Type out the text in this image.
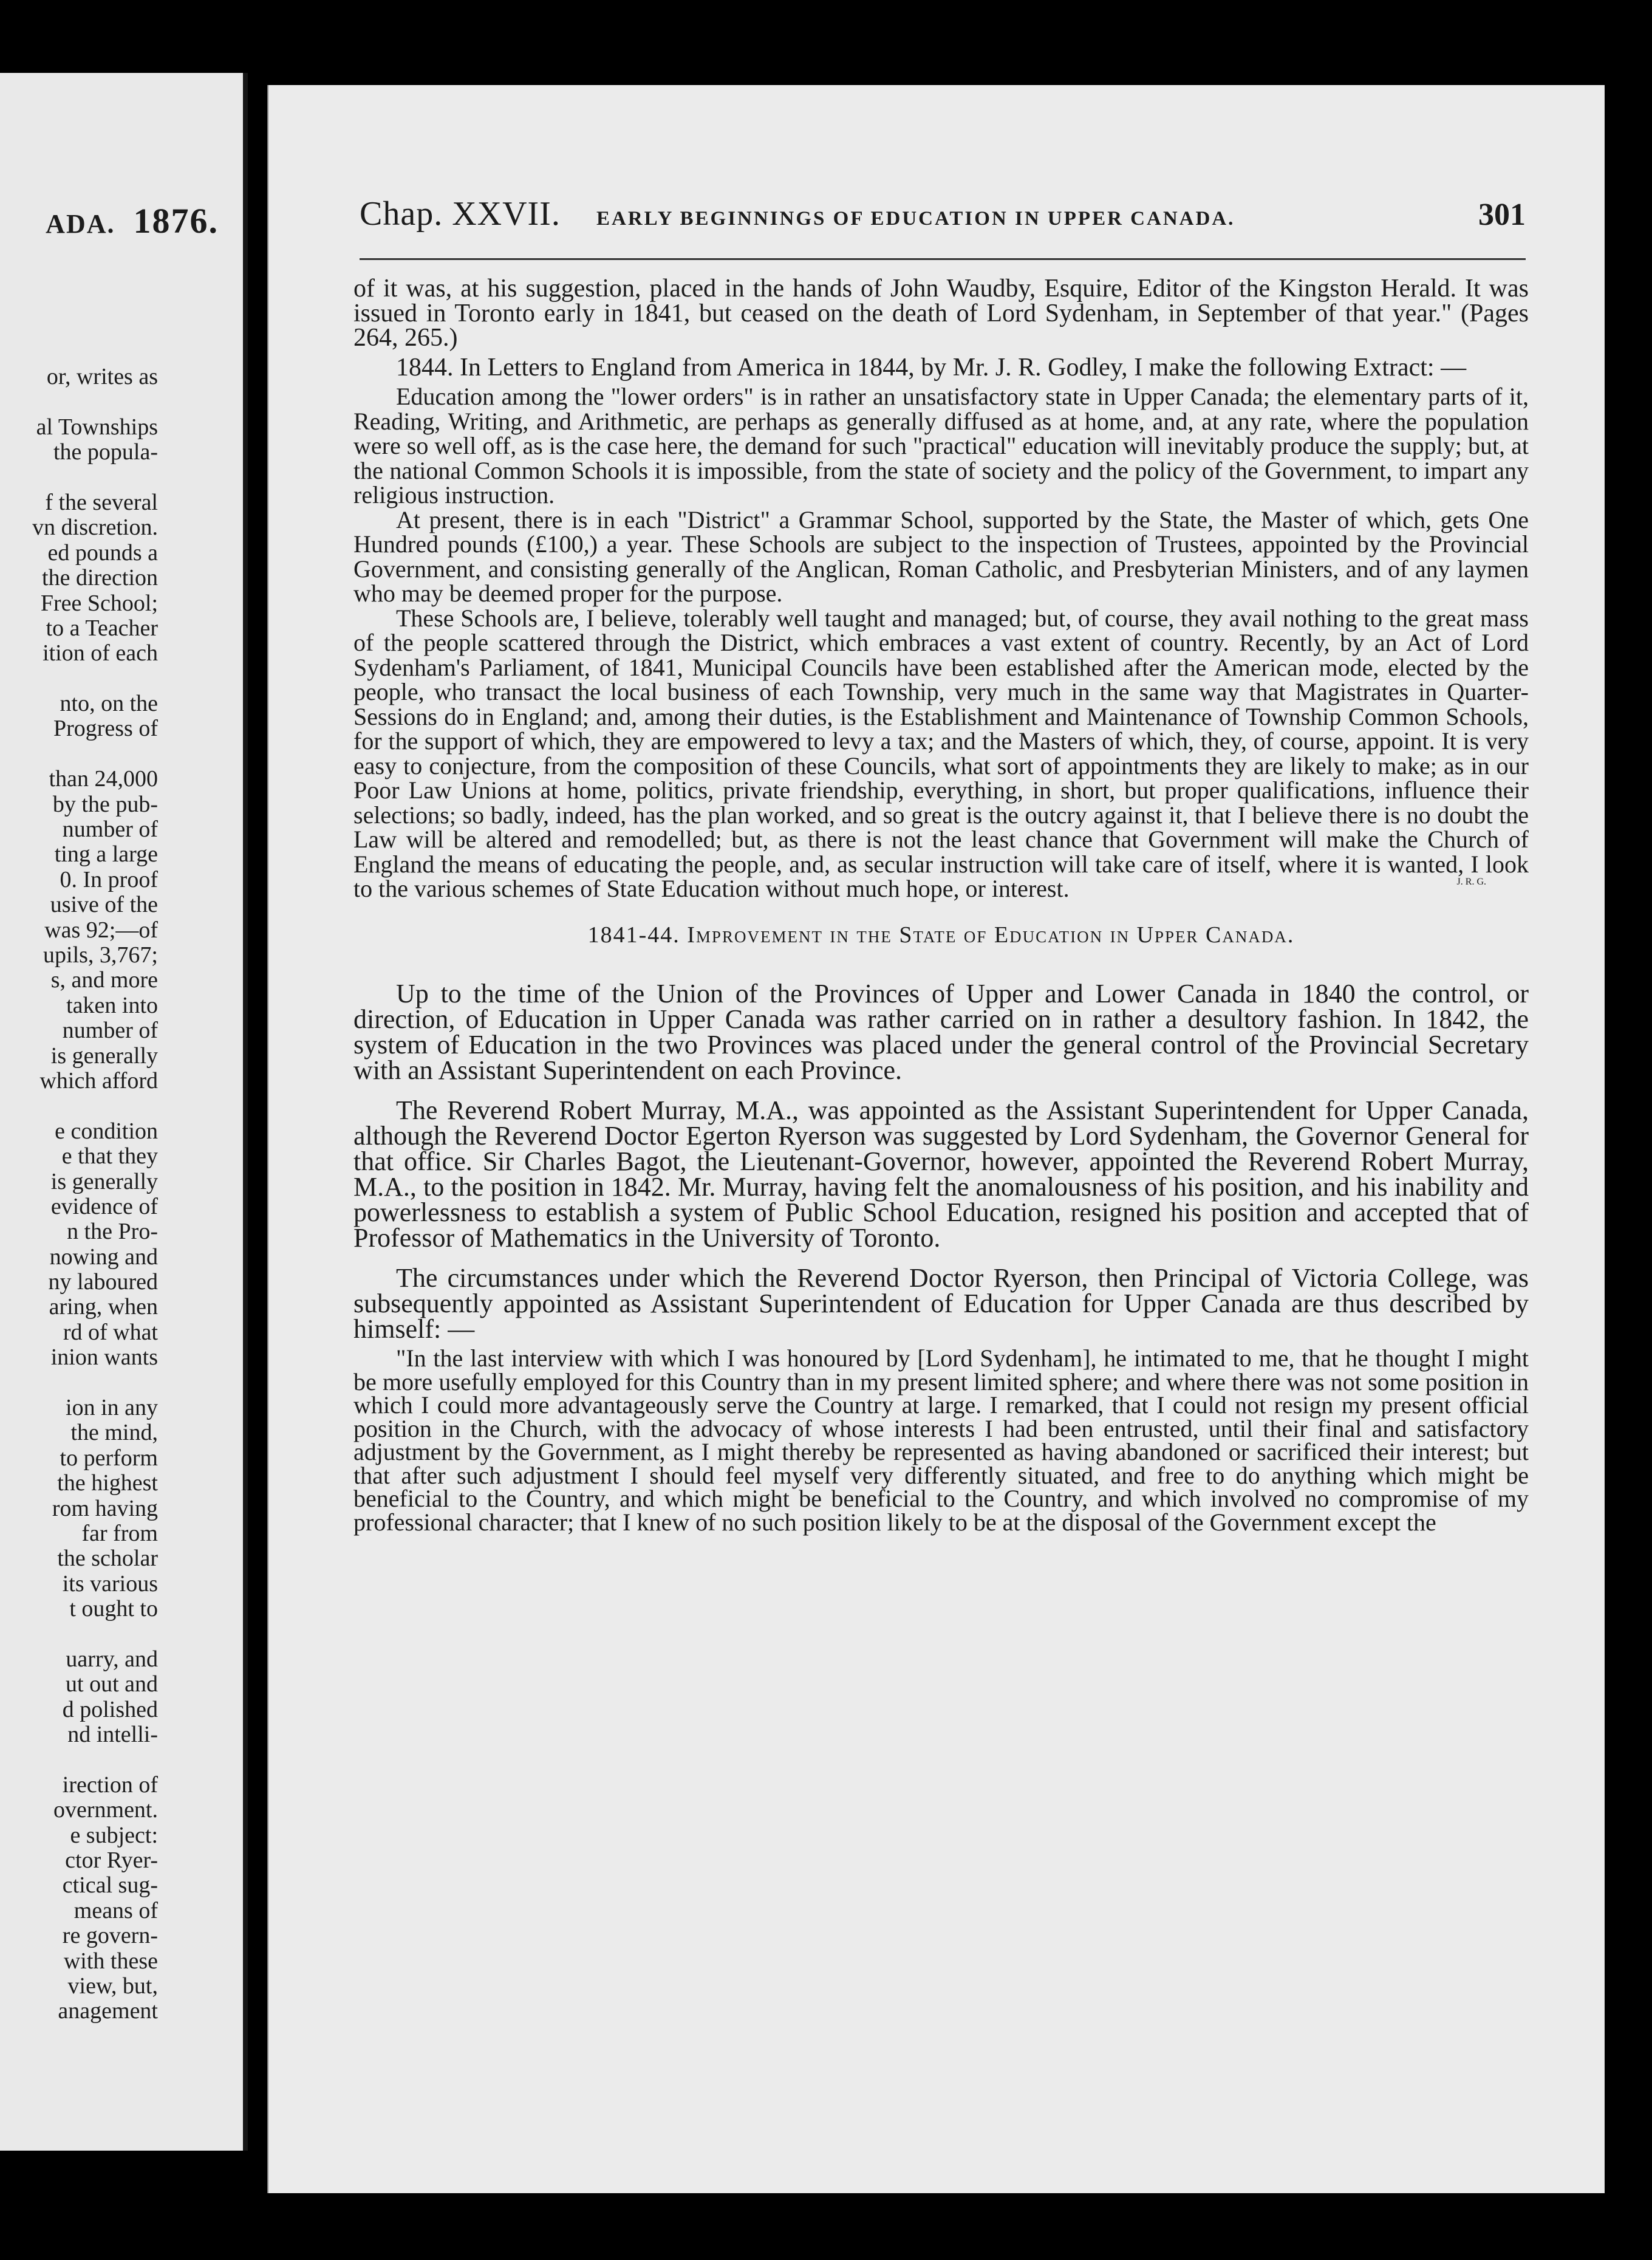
ADA. 1876.
or, writes as
al Townships
the popula-
f the several
vn discretion.
ed pounds a
the direction
Free School;
to a Teacher
ition of each
nto, on the
Progress of
than 24,000
by the pub-
number of
ting a large
0. In proof
usive of the
was 92;—of
upils, 3,767;
s, and more
taken into
number of
is generally
which afford
e condition
e that they
is generally
evidence of
n the Pro-
nowing and
ny laboured
aring, when
rd of what
inion wants
ion in any
the mind,
to perform
the highest
rom having
far from
the scholar
its various
t ought to
uarry, and
ut out and
d polished
nd intelli-
irection of
overnment.
e subject:
ctor Ryer-
ctical sug-
means of
re govern-
with these
view, but,
anagement
Chap. XXVII. EARLY BEGINNINGS OF EDUCATION IN UPPER CANADA.	301

of it was, at his suggestion, placed in the hands of John Waudby, Esquire, Editor of the Kingston Herald. It was issued in Toronto early in 1841, but ceased on the death of Lord Sydenham, in September of that year." (Pages 264, 265.)

1844. In Letters to England from America in 1844, by Mr. J. R. Godley, I make the following Extract: —

Education among the "lower orders" is in rather an unsatisfactory state in Upper Canada; the elementary parts of it, Reading, Writing, and Arithmetic, are perhaps as generally diffused as at home, and, at any rate, where the population were so well off, as is the case here, the demand for such "practical" education will inevitably produce the supply; but, at the national Common Schools it is impossible, from the state of society and the policy of the Government, to impart any religious instruction.

At present, there is in each "District" a Grammar School, supported by the State, the Master of which, gets One Hundred pounds (£100,) a year. These Schools are subject to the inspection of Trustees, appointed by the Provincial Government, and consisting generally of the Anglican, Roman Catholic, and Presbyterian Ministers, and of any laymen who may be deemed proper for the purpose.

These Schools are, I believe, tolerably well taught and managed; but, of course, they avail nothing to the great mass of the people scattered through the District, which embraces a vast extent of country. Recently, by an Act of Lord Sydenham's Parliament, of 1841, Municipal Councils have been established after the American mode, elected by the people, who transact the local business of each Township, very much in the same way that Magistrates in Quarter-Sessions do in England; and, among their duties, is the Establishment and Maintenance of Township Common Schools, for the support of which, they are empowered to levy a tax; and the Masters of which, they, of course, appoint. It is very easy to conjecture, from the composition of these Councils, what sort of appointments they are likely to make; as in our Poor Law Unions at home, politics, private friendship, everything, in short, but proper qualifications, influence their selections; so badly, indeed, has the plan worked, and so great is the outcry against it, that I believe there is no doubt the Law will be altered and remodelled; but, as there is not the least chance that Government will make the Church of England the means of educating the people, and, as secular instruction will take care of itself, where it is wanted, I look to the various schemes of State Education without much hope, or interest.	J. R. G.
1841-44. Improvement in the State of Education in Upper Canada.

Up to the time of the Union of the Provinces of Upper and Lower Canada in 1840 the control, or direction, of Education in Upper Canada was rather carried on in rather a desultory fashion. In 1842, the system of Education in the two Provinces was placed under the general control of the Provincial Secretary with an Assistant Superintendent on each Province.

The Reverend Robert Murray, M.A., was appointed as the Assistant Superintendent for Upper Canada, although the Reverend Doctor Egerton Ryerson was suggested by Lord Sydenham, the Governor General for that office. Sir Charles Bagot, the Lieutenant-Governor, however, appointed the Reverend Robert Murray, M.A., to the position in 1842. Mr. Murray, having felt the anomalousness of his position, and his inability and powerlessness to establish a system of Public School Education, resigned his position and accepted that of Professor of Mathematics in the University of Toronto.

The circumstances under which the Reverend Doctor Ryerson, then Principal of Victoria College, was subsequently appointed as Assistant Superintendent of Education for Upper Canada are thus described by himself: —

"In the last interview with which I was honoured by [Lord Sydenham], he intimated to me, that he thought I might be more usefully employed for this Country than in my present limited sphere; and where there was not some position in which I could more advantageously serve the Country at large. I remarked, that I could not resign my present official position in the Church, with the advocacy of whose interests I had been entrusted, until their final and satisfactory adjustment by the Government, as I might thereby be represented as having abandoned or sacrificed their interest; but that after such adjustment I should feel myself very differently situated, and free to do anything which might be beneficial to the Country, and which might be beneficial to the Country, and which involved no compromise of my professional character; that I knew of no such position likely to be at the disposal of the Government except the
